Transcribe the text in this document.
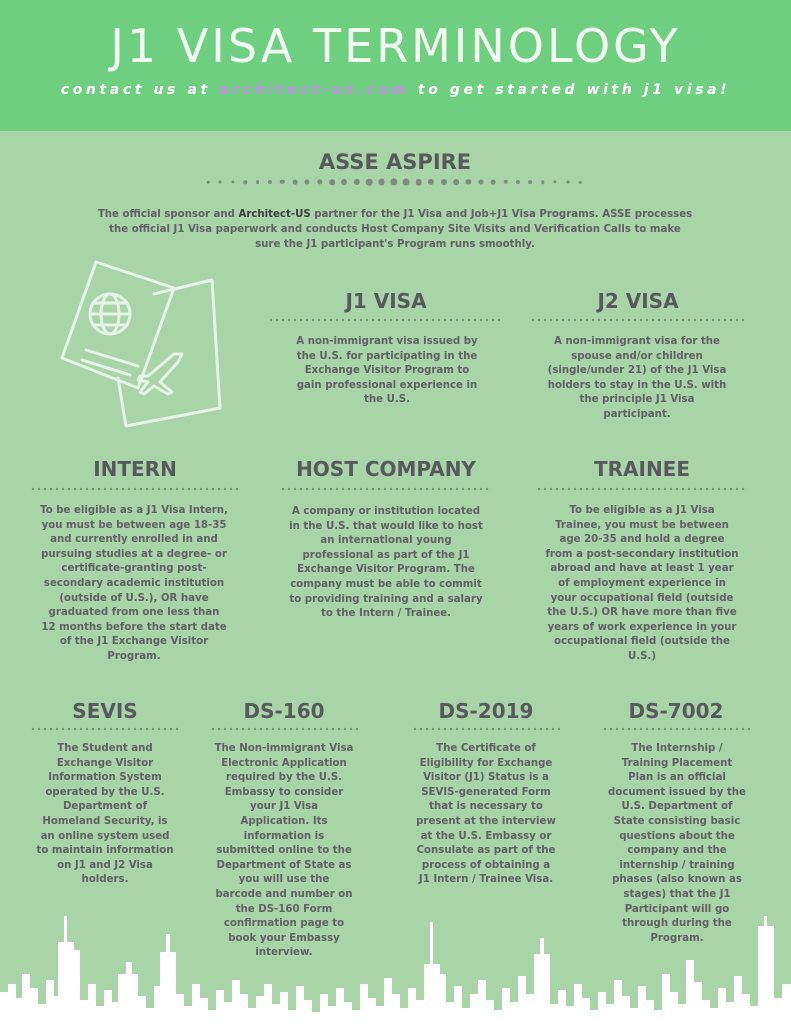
J1 VISA TERMINOLOGY
contact us at architect-us.com to get started with j1 visa!
ASSE ASPIRE
The official sponsor and Architect-US partner for the J1 Visa and Job+J1 Visa Programs. ASSE processes the official J1 Visa paperwork and conducts Host Company Site Visits and Verification Calls to make sure the J1 participant's Program runs smoothly.
J1 VISA
A non-immigrant visa issued by the U.S. for participating in the Exchange Visitor Program to gain professional experience in the U.S.
J2 VISA
A non-immigrant visa for the spouse and/or children (single/under 21) of the J1 Visa holders to stay in the U.S. with the principle J1 Visa participant.
INTERN
To be eligible as a J1 Visa Intern, you must be between age 18-35 and currently enrolled in and pursuing studies at a degree- or certificate-granting post-secondary academic institution (outside of U.S.), OR have graduated from one less than 12 months before the start date of the J1 Exchange Visitor Program.
HOST COMPANY
A company or institution located in the U.S. that would like to host an international young professional as part of the J1 Exchange Visitor Program. The company must be able to commit to providing training and a salary to the Intern / Trainee.
TRAINEE
To be eligible as a J1 Visa Trainee, you must be between age 20-35 and hold a degree from a post-secondary institution abroad and have at least 1 year of employment experience in your occupational field (outside the U.S.) OR have more than five years of work experience in your occupational field (outside the U.S.)
SEVIS
The Student and Exchange Visitor Information System operated by the U.S. Department of Homeland Security, is an online system used to maintain information on J1 and J2 Visa holders.
DS-160
The Non-immigrant Visa Electronic Application required by the U.S. Embassy to consider your J1 Visa Application. Its information is submitted online to the Department of State as you will use the barcode and number on the DS-160 Form confirmation page to book your Embassy interview.
DS-2019
The Certificate of Eligibility for Exchange Visitor (J1) Status is a SEVIS-generated Form that is necessary to present at the interview at the U.S. Embassy or Consulate as part of the process of obtaining a J1 Intern / Trainee Visa.
DS-7002
The Internship / Training Placement Plan is an official document issued by the U.S. Department of State consisting basic questions about the company and the internship / training phases (also known as stages) that the J1 Participant will go through during the Program.
